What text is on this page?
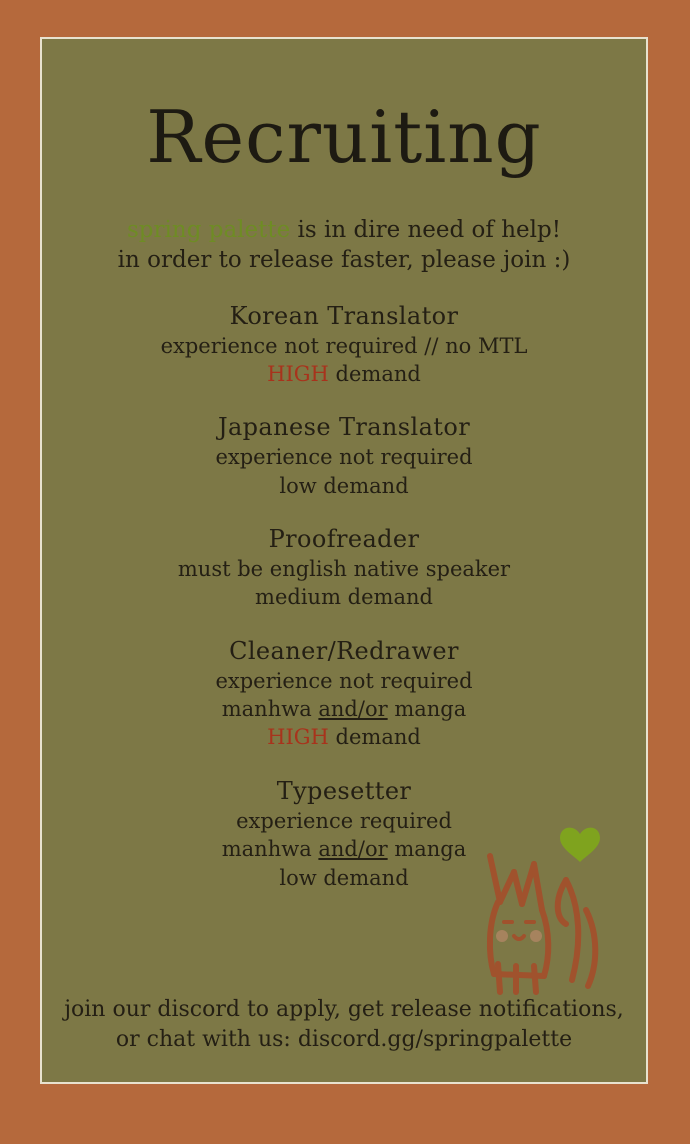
Recruiting
spring palette is in dire need of help!
in order to release faster, please join :)
Korean Translator
experience not required // no MTL
HIGH demand
Japanese Translator
experience not required
low demand
Proofreader
must be english native speaker
medium demand
Cleaner/Redrawer
experience not required
manhwa and/or manga
HIGH demand
Typesetter
experience required
manhwa and/or manga
low demand
join our discord to apply, get release notifications,
or chat with us: discord.gg/springpalette
